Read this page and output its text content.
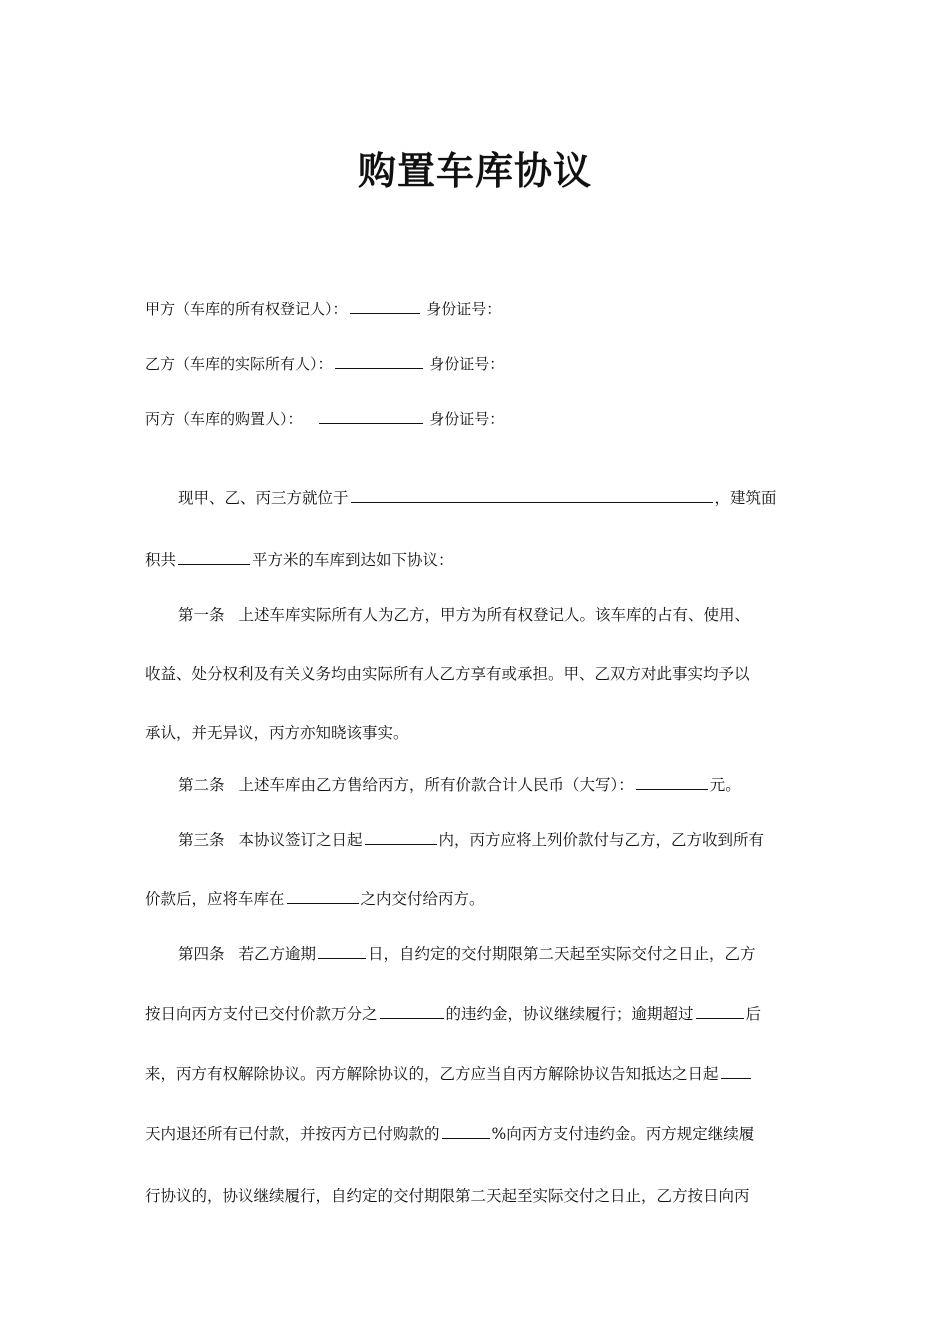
购置车库协议
甲方（车库的所有权登记人）：	身份证号：
乙方（车库的实际所有人）：	身份证号：
丙方（车库的购置人）：	身份证号：
现甲、乙、丙三方就位于	，建筑面
积共	平方米的车库到达如下协议：
第一条 上述车库实际所有人为乙方，甲方为所有权登记人。该车库的占有、使用、
收益、处分权利及有关义务均由实际所有人乙方享有或承担。甲、乙双方对此事实均予以
承认，并无异议，丙方亦知晓该事实。
第二条 上述车库由乙方售给丙方，所有价款合计人民币（大写）：	元。
第三条 本协议签订之日起	内，丙方应将上列价款付与乙方，乙方收到所有
价款后，应将车库在	之内交付给丙方。
第四条 若乙方逾期	日，自约定的交付期限第二天起至实际交付之日止，乙方
按日向丙方支付已交付价款万分之	的违约金，协议继续履行；逾期超过	后
来，丙方有权解除协议。丙方解除协议的，乙方应当自丙方解除协议告知抵达之日起
天内退还所有已付款，并按丙方已付购款的	%向丙方支付违约金。丙方规定继续履
行协议的，协议继续履行，自约定的交付期限第二天起至实际交付之日止，乙方按日向丙
